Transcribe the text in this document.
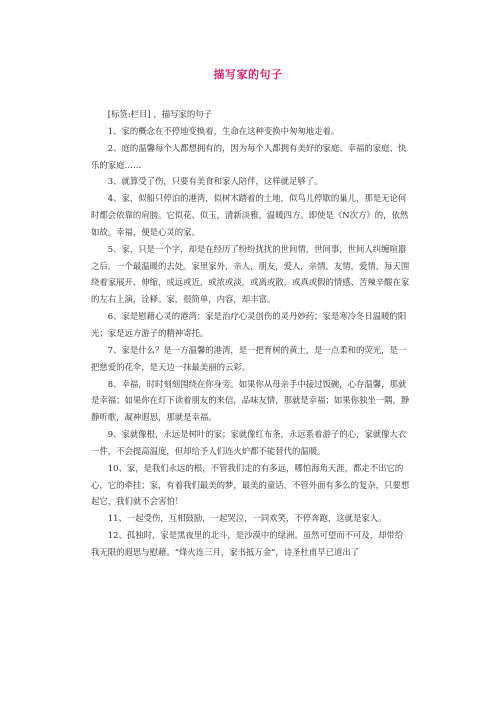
描写家的句子

[标签:栏目] ，描写家的句子

1、家的概念在不停地变换着，生命在这种变换中匆匆地走着。

2、庭的温馨每个人都想拥有的，因为每个人都拥有美好的家庭、幸福的家庭、快乐的家庭……

3、就算受了伤，只要有美食和家人陪伴，这样就足够了。

4、家，似船只停泊的港湾，似树木踏着的土地，似鸟儿停歇的巢儿，那是无论何时都会依靠的肩膀。它似花、似玉，清新淡雅，温暖四方。即使是《N次方》的，依然如故。幸福，便是心灵的家。

5、家，只是一个字，却是在经历了纷纷扰扰的世间情，世间事，世间人纠缠喧嚣之后，一个最温暖的去处。家里家外，亲人，朋友，爱人，亲情，友情，爱情，每天围绕着家展开、伸缩，或远或近，或浓或淡，或离或散，或真或假的情感、苦辣辛酸在家的左右上演，诠释。家，很简单，内容，却丰富。

6、家是慰藉心灵的港湾；家是治疗心灵创伤的灵丹妙药；家是寒冷冬日温暖的阳光；家是远方游子的精神寄托。

7、家是什么？是一方温馨的港湾，是一把育树的黄土，是一点柔和的荧光，是一把慈爱的花伞，是天边一抹最美丽的云彩。

8、幸福，时时刻刻围绕在你身旁。如果你从母亲手中接过饭碗，心存温馨，那就是幸福；如果你在灯下读着朋友的来信，品味友情，那就是幸福；如果你独坐一隅，静静听歌，凝神遐思，那就是幸福。

9、家就像根，永远是树叶的家；家就像红布条，永远系着游子的心，家就像大衣一件，不会提高温度，但却给予人们连火炉都不能替代的温暖。

10、家，是我们永远的根，不管我们走的有多远，哪怕海角天涯，都走不出它的心，它的牵挂；家，有着我们最美的梦，最美的童话，不管外面有多么的复杂，只要想起它，我们就不会害怕！

11、一起受伤，互相鼓励，一起哭泣，一同欢笑，不停奔跑，这就是家人。

12、孤独时，家是黑夜里的北斗，是沙漠中的绿洲。虽然可望而不可及，却带给我无限的遐思与慰藉。“烽火连三月，家书抵万金”，诗圣杜甫早已道出了
